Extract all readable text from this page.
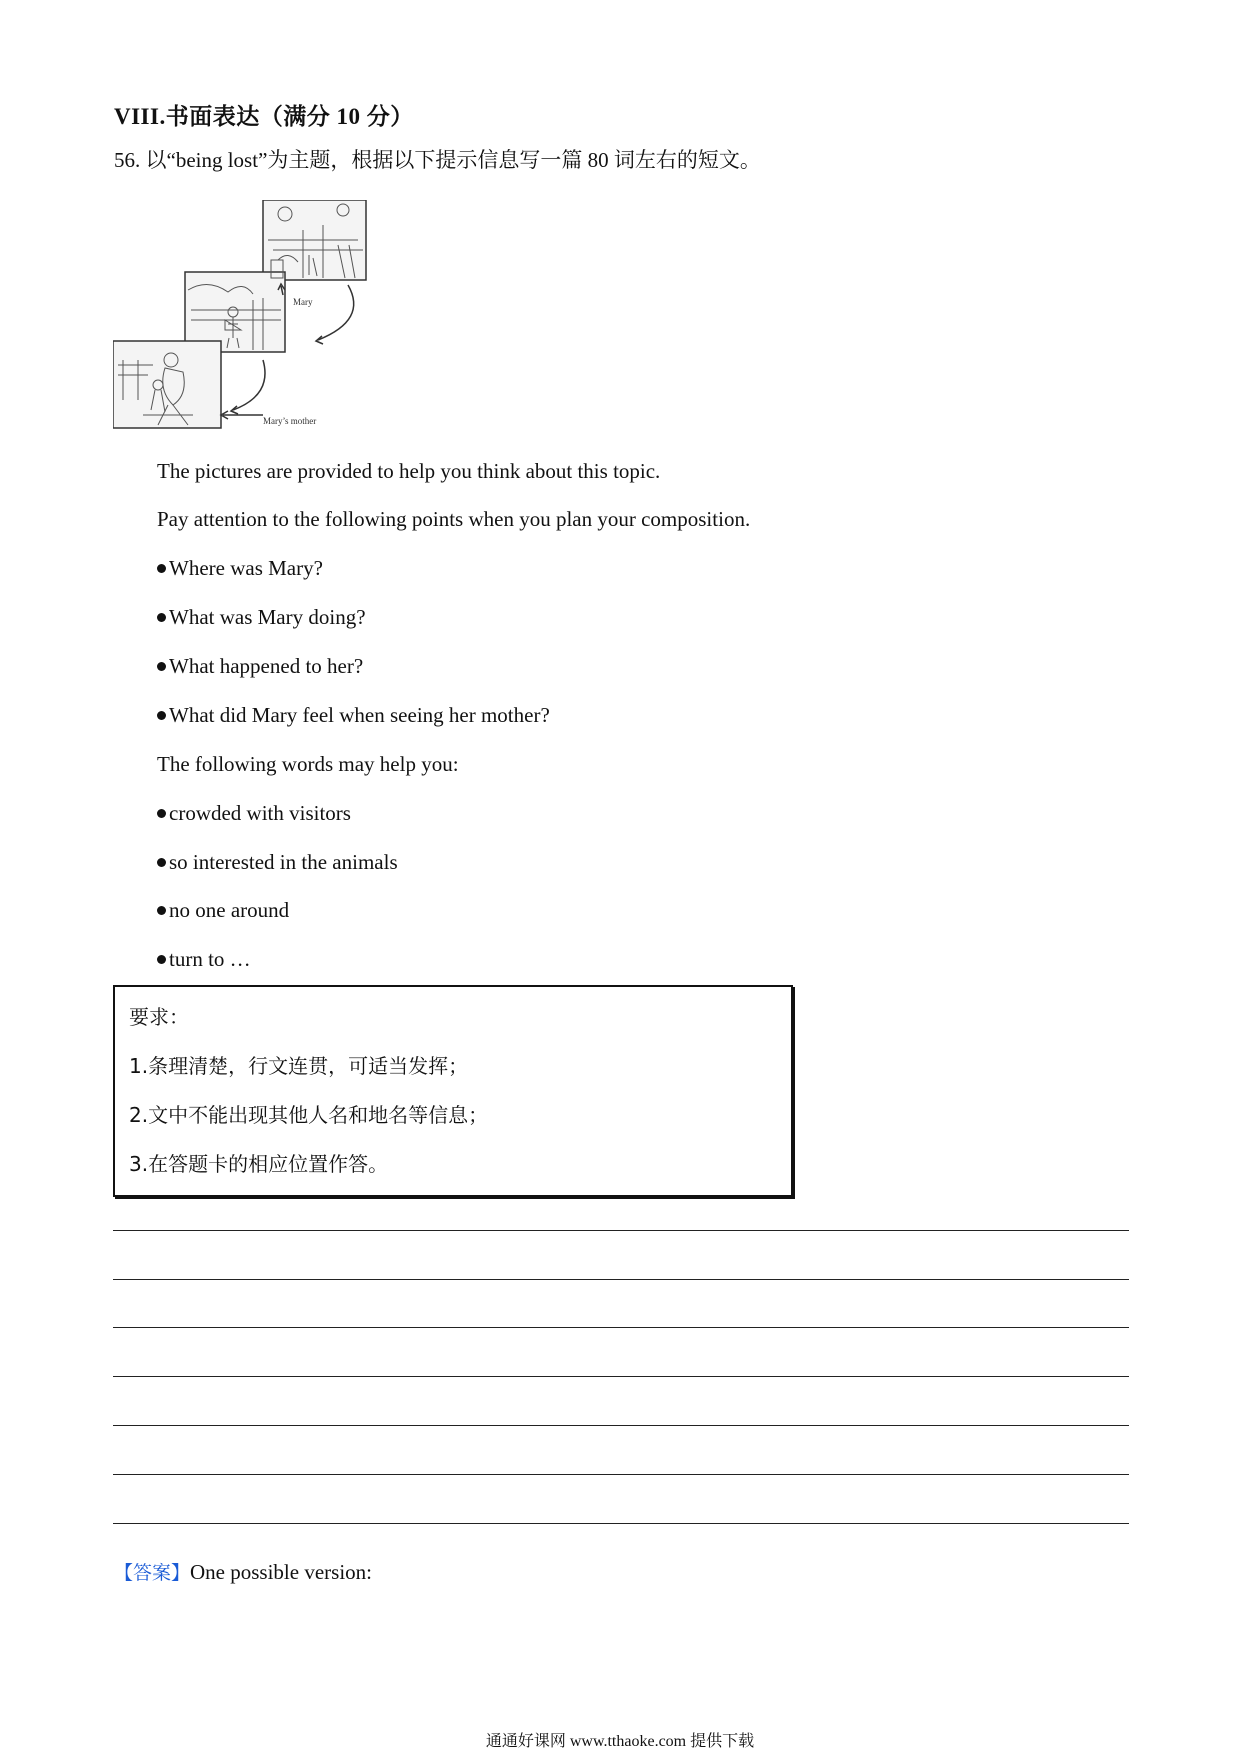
VIII.书面表达（满分 10 分）
56. 以“being lost”为主题，根据以下提示信息写一篇 80 词左右的短文。
Mary
Mary’s mother
The pictures are provided to help you think about this topic.
Pay attention to the following points when you plan your composition.
Where was Mary?
What was Mary doing?
What happened to her?
What did Mary feel when seeing her mother?
The following words may help you:
crowded with visitors
so interested in the animals
no one around
turn to …
要求：
1.条理清楚，行文连贯，可适当发挥；
2.文中不能出现其他人名和地名等信息；
3.在答题卡的相应位置作答。
【答案】One possible version:
通通好课网 www.tthaoke.com 提供下载
